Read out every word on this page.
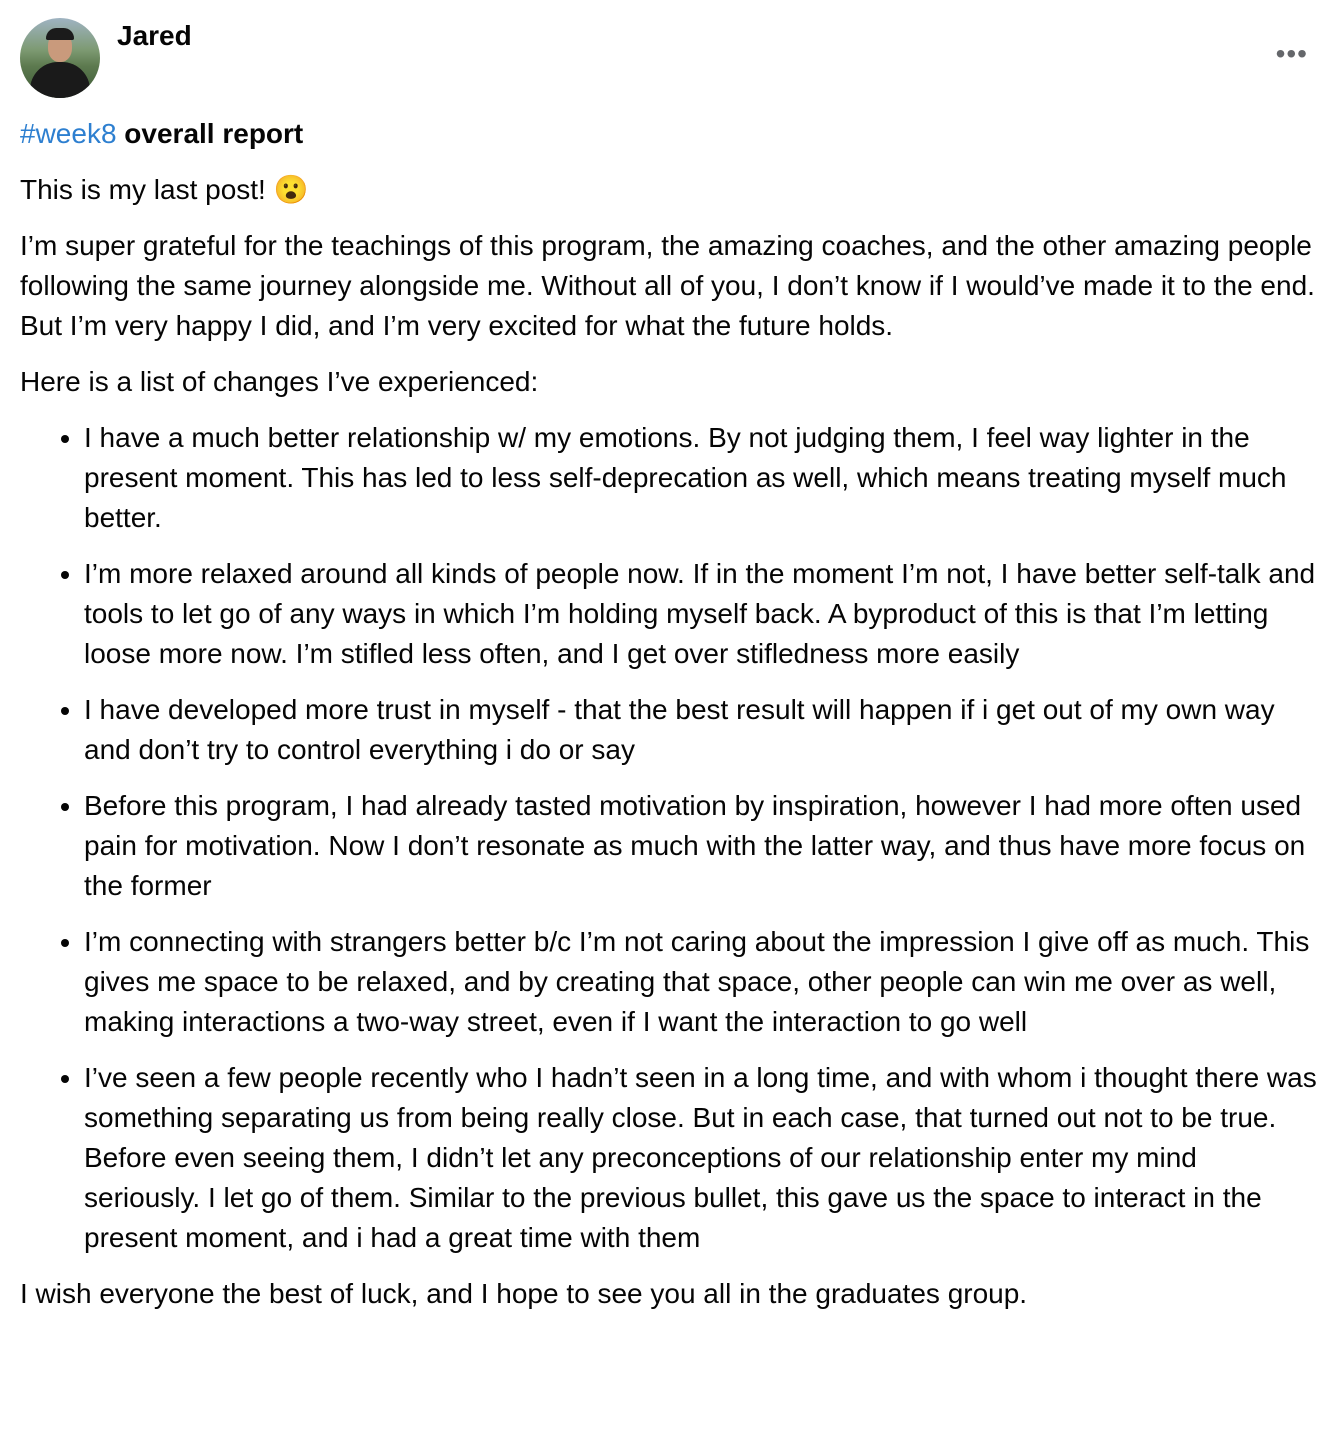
Jared
•••
#week8 overall report

This is my last post! 😮

I’m super grateful for the teachings of this program, the amazing coaches, and the other amazing people following the same journey alongside me. Without all of you, I don’t know if I would’ve made it to the end. But I’m very happy I did, and I’m very excited for what the future holds.

Here is a list of changes I’ve experienced:

• I have a much better relationship w/ my emotions. By not judging them, I feel way lighter in the present moment. This has led to less self-deprecation as well, which means treating myself much better.
• I’m more relaxed around all kinds of people now. If in the moment I’m not, I have better self-talk and tools to let go of any ways in which I’m holding myself back. A byproduct of this is that I’m letting loose more now. I’m stifled less often, and I get over stifledness more easily
• I have developed more trust in myself - that the best result will happen if i get out of my own way and don’t try to control everything i do or say
• Before this program, I had already tasted motivation by inspiration, however I had more often used pain for motivation. Now I don’t resonate as much with the latter way, and thus have more focus on the former
• I’m connecting with strangers better b/c I’m not caring about the impression I give off as much. This gives me space to be relaxed, and by creating that space, other people can win me over as well, making interactions a two-way street, even if I want the interaction to go well
• I’ve seen a few people recently who I hadn’t seen in a long time, and with whom i thought there was something separating us from being really close. But in each case, that turned out not to be true. Before even seeing them, I didn’t let any preconceptions of our relationship enter my mind seriously. I let go of them. Similar to the previous bullet, this gave us the space to interact in the present moment, and i had a great time with them

I wish everyone the best of luck, and I hope to see you all in the graduates group.
